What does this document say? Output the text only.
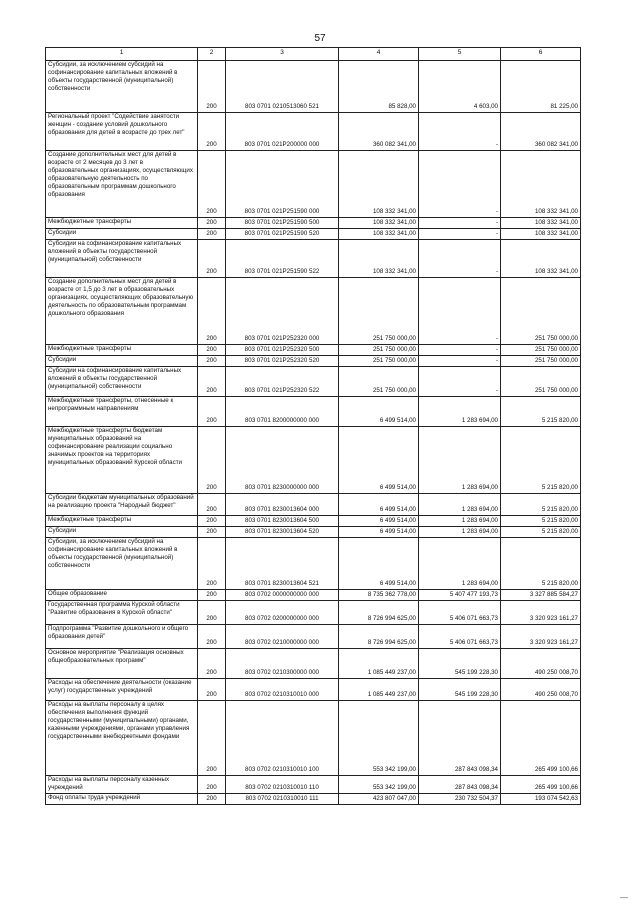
57
1	2	3	4	5	6
Субсидии, за исключением субсидий на софинансирование капитальных вложений в объекты государственной (муниципальной) собственности	200	803 0701 0210513060 521	85 828,00	4 603,00	81 225,00
Региональный проект "Содействие занятости женщин - создание условий дошкольного образования для детей в возрасте до трех лет"	200	803 0701 021P200000 000	360 082 341,00	-	360 082 341,00
Создание дополнительных мест для детей в возрасте от 2 месяцев до 3 лет в образовательных организациях, осуществляющих образовательную деятельность по образовательным программам дошкольного образования	200	803 0701 021P251590 000	108 332 341,00	-	108 332 341,00
Межбюджетные трансферты	200	803 0701 021P251590 500	108 332 341,00	-	108 332 341,00
Субсидии	200	803 0701 021P251590 520	108 332 341,00	-	108 332 341,00
Субсидии на софинансирование капитальных вложений в объекты государственной (муниципальной) собственности	200	803 0701 021P251590 522	108 332 341,00	-	108 332 341,00
Создание дополнительных мест для детей в возрасте от 1,5 до 3 лет в образовательных организациях, осуществляющих образовательную деятельность по образовательным программам дошкольного образования	200	803 0701 021P252320 000	251 750 000,00	-	251 750 000,00
Межбюджетные трансферты	200	803 0701 021P252320 500	251 750 000,00	-	251 750 000,00
Субсидии	200	803 0701 021P252320 520	251 750 000,00	-	251 750 000,00
Субсидии на софинансирование капитальных вложений в объекты государственной (муниципальной) собственности	200	803 0701 021P252320 522	251 750 000,00	-	251 750 000,00
Межбюджетные трансферты, отнесенные к непрограммным направлениям	200	803 0701 8200000000 000	6 499 514,00	1 283 694,00	5 215 820,00
Межбюджетные трансферты бюджетам муниципальных образований на софинансирование реализации социально значимых проектов на территориях муниципальных образований Курской области	200	803 0701 8230000000 000	6 499 514,00	1 283 694,00	5 215 820,00
Субсидии бюджетам муниципальных образований на реализацию проекта "Народный бюджет"	200	803 0701 8230013604 000	6 499 514,00	1 283 694,00	5 215 820,00
Межбюджетные трансферты	200	803 0701 8230013604 500	6 499 514,00	1 283 694,00	5 215 820,00
Субсидии	200	803 0701 8230013604 520	6 499 514,00	1 283 694,00	5 215 820,00
Субсидии, за исключением субсидий на софинансирование капитальных вложений в объекты государственной (муниципальной) собственности	200	803 0701 8230013604 521	6 499 514,00	1 283 694,00	5 215 820,00
Общее образование	200	803 0702 0000000000 000	8 735 362 778,00	5 407 477 193,73	3 327 885 584,27
Государственная программа Курской области "Развитие образования в Курской области"	200	803 0702 0200000000 000	8 726 994 625,00	5 406 071 663,73	3 320 923 161,27
Подпрограмма "Развитие дошкольного и общего образования детей"	200	803 0702 0210000000 000	8 726 994 625,00	5 406 071 663,73	3 320 923 161,27
Основное мероприятие "Реализация основных общеобразовательных программ"	200	803 0702 0210300000 000	1 085 449 237,00	545 199 228,30	490 250 008,70
Расходы на обеспечение деятельности (оказание услуг) государственных учреждений	200	803 0702 0210310010 000	1 085 449 237,00	545 199 228,30	490 250 008,70
Расходы на выплаты персоналу в целях обеспечения выполнения функций государственными (муниципальными) органами, казенными учреждениями, органами управления государственными внебюджетными фондами	200	803 0702 0210310010 100	553 342 199,00	287 843 098,34	265 499 100,66
Расходы на выплаты персоналу казенных учреждений	200	803 0702 0210310010 110	553 342 199,00	287 843 098,34	265 499 100,66
Фонд оплаты труда учреждений	200	803 0702 0210310010 111	423 807 047,00	230 732 504,37	193 074 542,63
—
